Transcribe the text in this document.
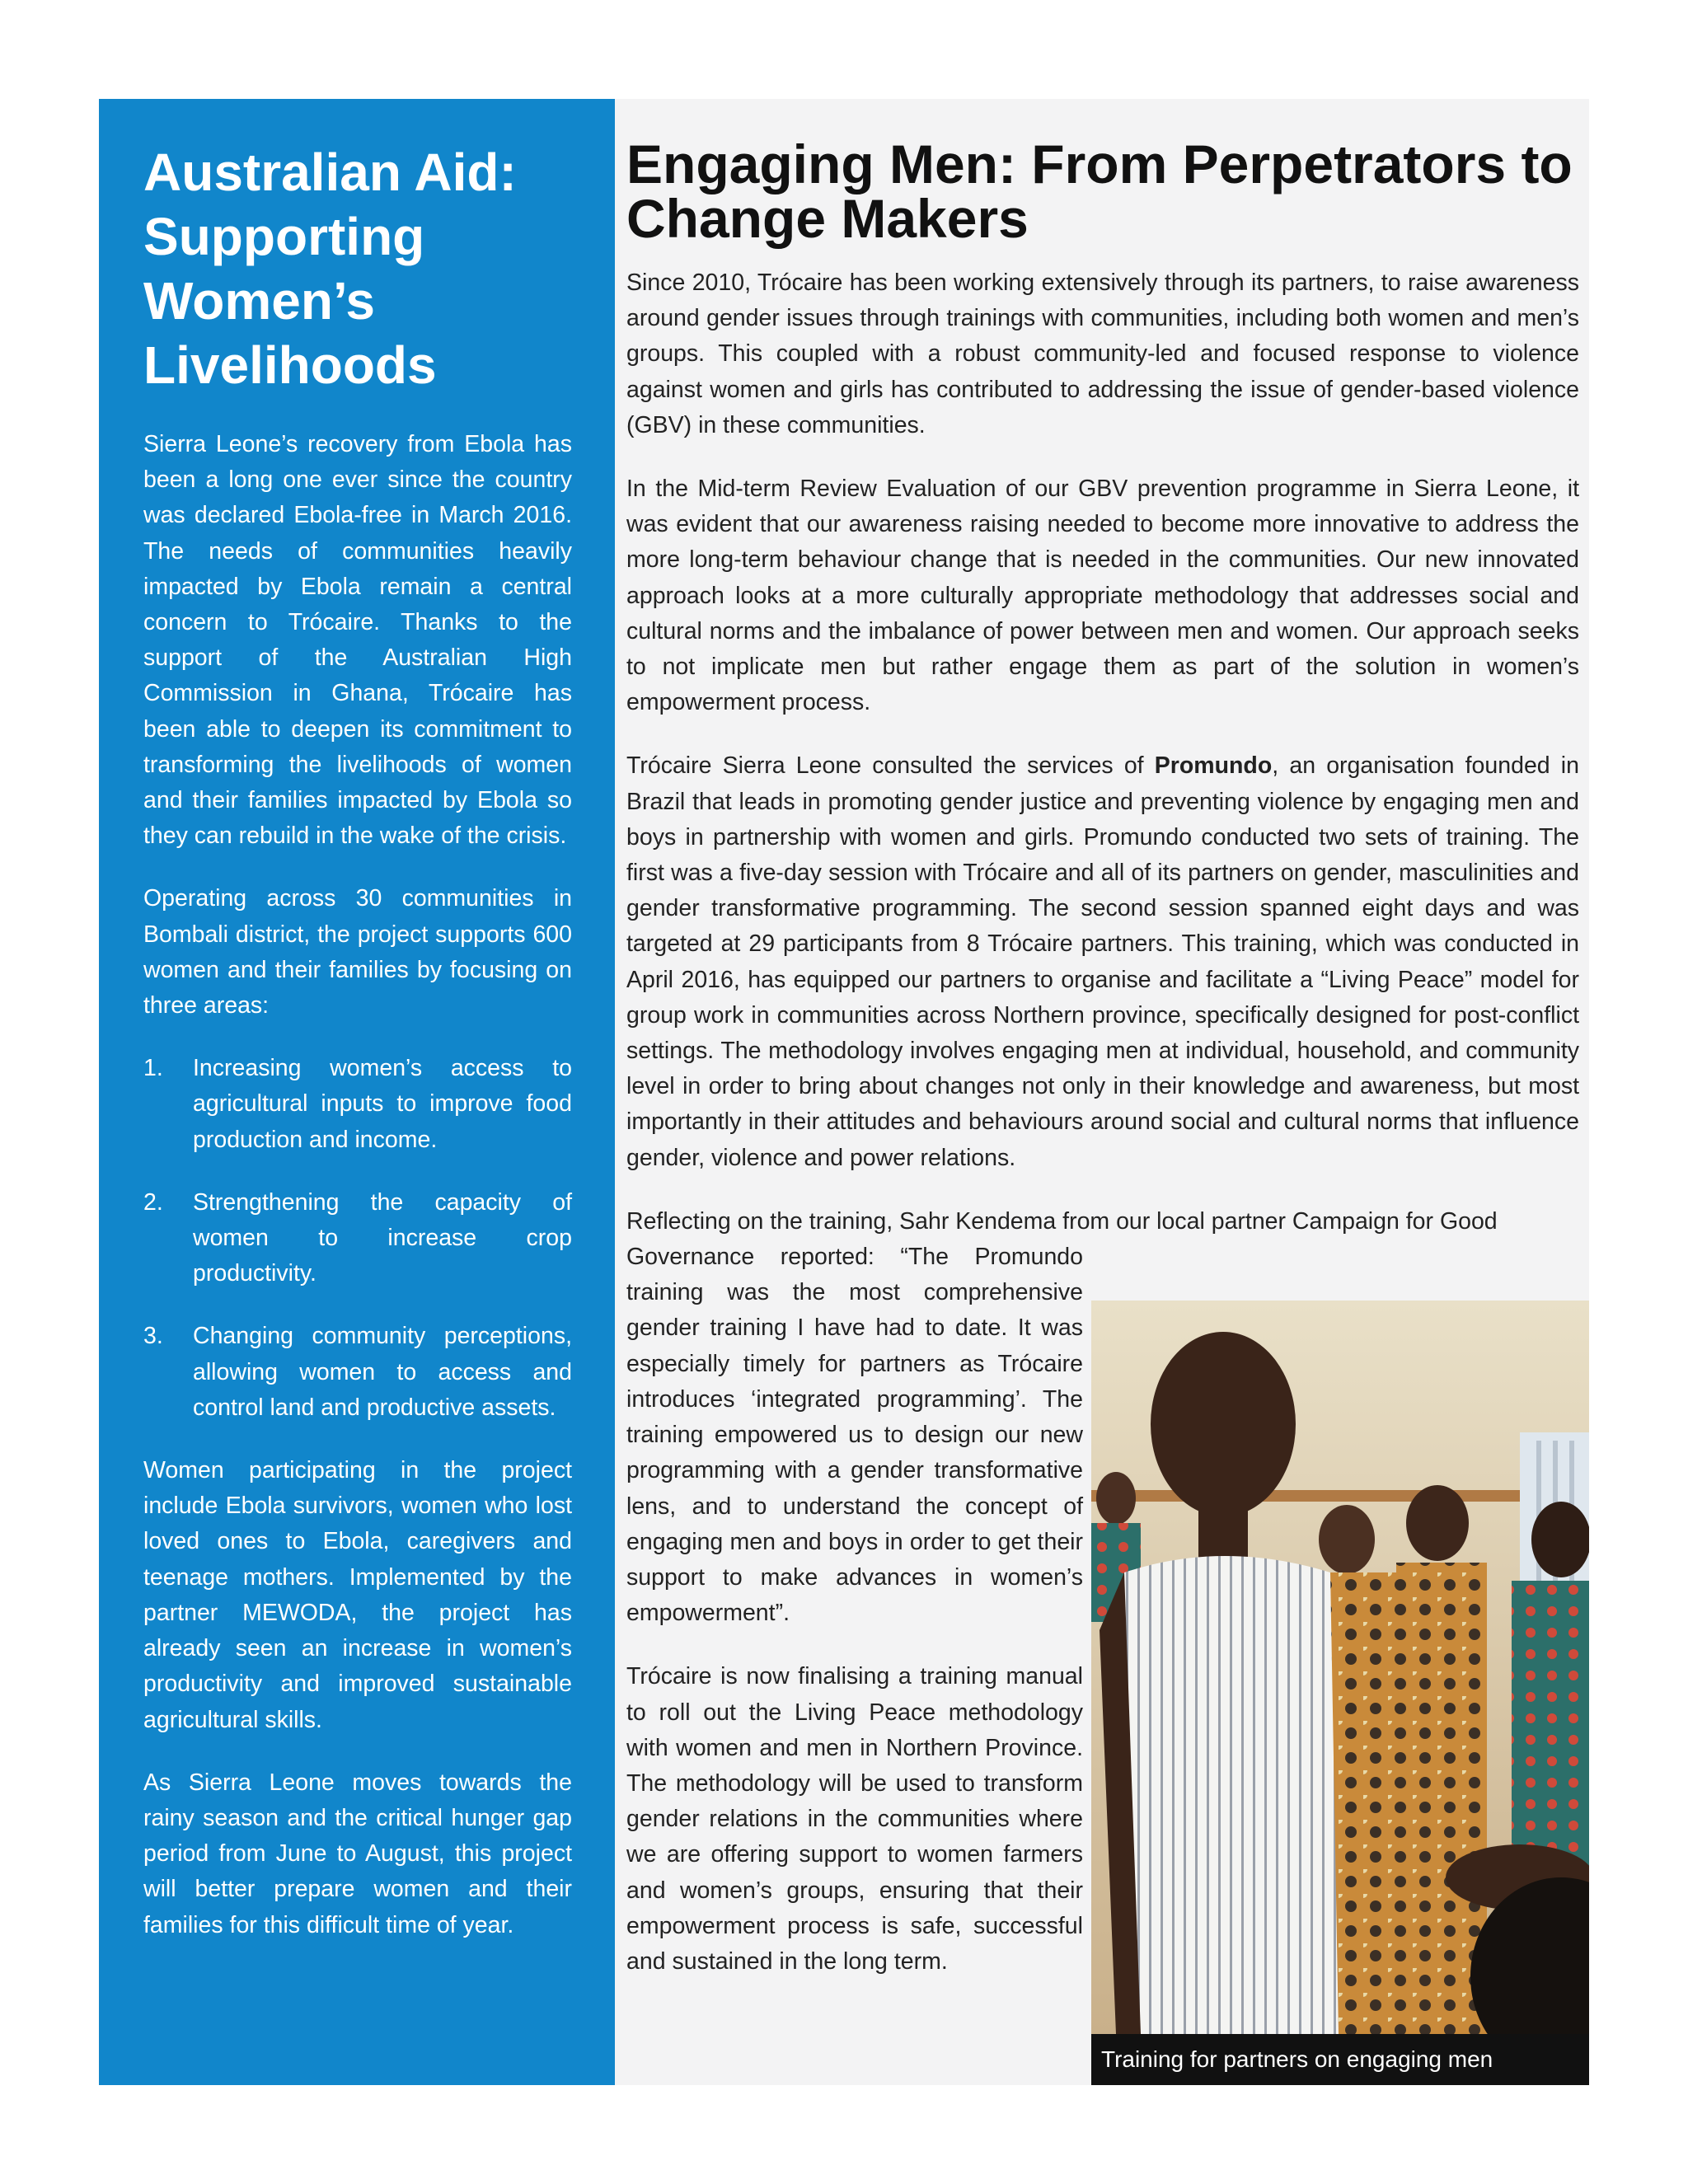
Australian Aid: Supporting Women’s Livelihoods

Sierra Leone’s recovery from Ebola has been a long one ever since the country was declared Ebola-free in March 2016. The needs of communities heavily impacted by Ebola remain a central concern to Trócaire. Thanks to the support of the Australian High Commission in Ghana, Trócaire has been able to deepen its commitment to transforming the livelihoods of women and their families impacted by Ebola so they can rebuild in the wake of the crisis.

Operating across 30 communities in Bombali district, the project supports 600 women and their families by focusing on three areas:

1.	Increasing women’s access to agricultural inputs to improve food production and income.
2.	Strengthening the capacity of women to increase crop productivity.
3.	Changing community perceptions, allowing women to access and control land and productive assets.

Women participating in the project include Ebola survivors, women who lost loved ones to Ebola, caregivers and teenage mothers. Implemented by the partner MEWODA, the project has already seen an increase in women’s productivity and improved sustainable agricultural skills.

As Sierra Leone moves towards the rainy season and the critical hunger gap period from June to August, this project will better prepare women and their families for this difficult time of year.

Engaging Men: From Perpetrators to Change Makers

Since 2010, Trócaire has been working extensively through its partners, to raise awareness around gender issues through trainings with communities, including both women and men’s groups. This coupled with a robust community-led and focused response to violence against women and girls has contributed to addressing the issue of gender-based violence (GBV) in these communities.

In the Mid-term Review Evaluation of our GBV prevention programme in Sierra Leone, it was evident that our awareness raising needed to become more innovative to address the more long-term behaviour change that is needed in the communities. Our new innovated approach looks at a more culturally appropriate methodology that addresses social and cultural norms and the imbalance of power between men and women. Our approach seeks to not implicate men but rather engage them as part of the solution in women’s empowerment process.

Trócaire Sierra Leone consulted the services of Promundo, an organisation founded in Brazil that leads in promoting gender justice and preventing violence by engaging men and boys in partnership with women and girls. Promundo conducted two sets of training. The first was a five-day session with Trócaire and all of its partners on gender, masculinities and gender transformative programming. The second session spanned eight days and was targeted at 29 participants from 8 Trócaire partners. This training, which was conducted in April 2016, has equipped our partners to organise and facilitate a “Living Peace” model for group work in communities across Northern province, specifically designed for post-conflict settings. The methodology involves engaging men at individual, household, and community level in order to bring about changes not only in their knowledge and awareness, but most importantly in their attitudes and behaviours around social and cultural norms that influence gender, violence and power relations.

Reflecting on the training, Sahr Kendema from our local partner Campaign for Good

Governance reported: “The Promundo training was the most comprehensive gender training I have had to date. It was especially timely for partners as Trócaire introduces ‘integrated programming’. The training empowered us to design our new programming with a gender transformative lens, and to understand the concept of engaging men and boys in order to get their support to make advances in women’s empowerment”.

Trócaire is now finalising a training manual to roll out the Living Peace methodology with women and men in Northern Province. The methodology will be used to transform gender relations in the communities where we are offering support to women farmers and women’s groups, ensuring that their empowerment process is safe, successful and sustained in the long term.

Training for partners on engaging men
